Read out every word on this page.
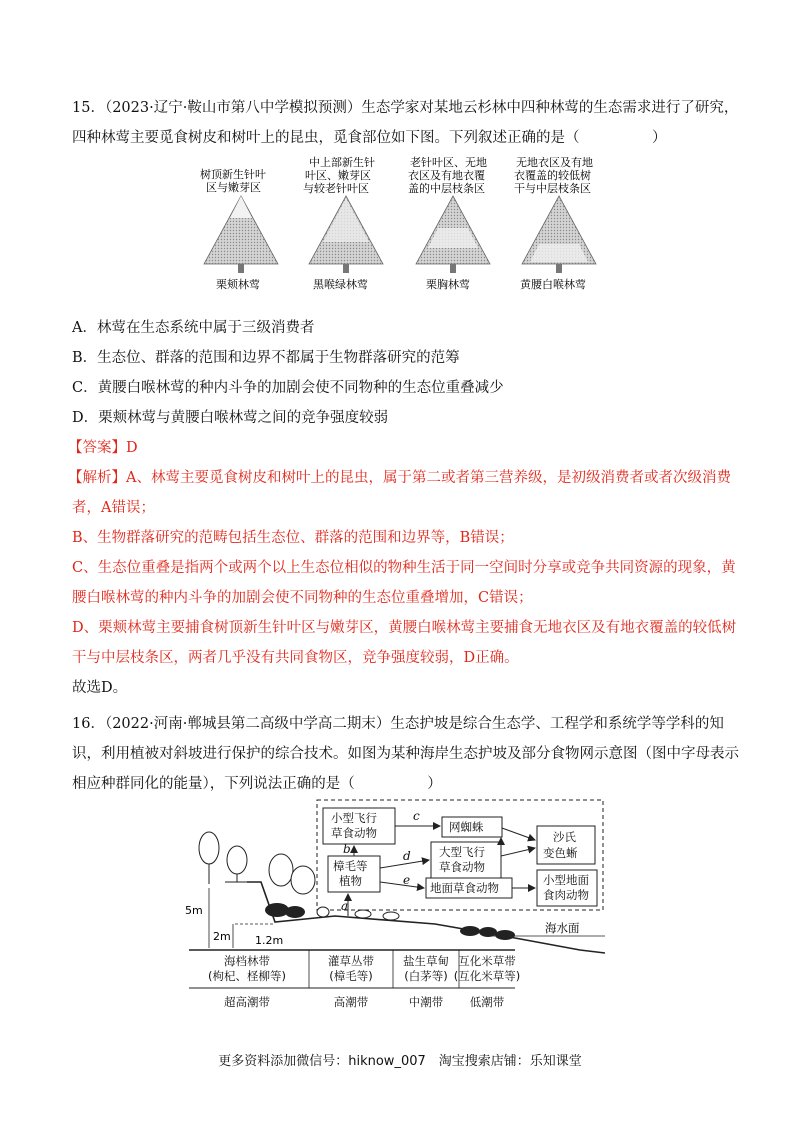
15．（2023·辽宁·鞍山市第八中学模拟预测）生态学家对某地云杉林中四种林莺的生态需求进行了研究，
四种林莺主要觅食树皮和树叶上的昆虫，觅食部位如下图。下列叙述正确的是（　　　　　）
树顶新生针叶
区与嫩芽区
栗颊林莺
中上部新生针
叶区、嫩芽区
与较老针叶区
黑喉绿林莺
老针叶区、无地
衣区及有地衣覆
盖的中层枝条区
栗胸林莺
无地衣区及有地
衣覆盖的较低树
干与中层枝条区
黄腰白喉林莺
A．林莺在生态系统中属于三级消费者
B．生态位、群落的范围和边界不都属于生物群落研究的范筹
C．黄腰白喉林莺的种内斗争的加剧会使不同物种的生态位重叠减少
D．栗颊林莺与黄腰白喉林莺之间的竞争强度较弱
【答案】D
【解析】A、林莺主要觅食树皮和树叶上的昆虫，属于第二或者第三营养级，是初级消费者或者次级消费
者，A错误；
B、生物群落研究的范畴包括生态位、群落的范围和边界等，B错误；
C、生态位重叠是指两个或两个以上生态位相似的物种生活于同一空间时分享或竞争共同资源的现象，黄
腰白喉林莺的种内斗争的加剧会使不同物种的生态位重叠增加，C错误；
D、栗颊林莺主要捕食树顶新生针叶区与嫩芽区，黄腰白喉林莺主要捕食无地衣区及有地衣覆盖的较低树
干与中层枝条区，两者几乎没有共同食物区，竞争强度较弱，D正确。
故选D。
16．（2022·河南·郸城县第二高级中学高二期末）生态护坡是综合生态学、工程学和系统学等学科的知
识，利用植被对斜坡进行保护的综合技术。如图为某种海岸生态护坡及部分食物网示意图（图中字母表示
相应种群同化的能量），下列说法正确的是（　　　　　）
小型飞行
草食动物	网蜘蛛
沙氏
变色蜥
樟毛等
植物
大型飞行
草食动物
地面草食动物
小型地面
食肉动物
c
b	d
e
a
海水面
5m
2m 1.2m
海档林带
(枸杞、柽柳等)
灌草丛带
(樟毛等)
盐生草甸
(白茅等)
互化米草带
(互化米草等)
超高潮带	高潮带	中潮带 低潮带
更多资料添加微信号：hiknow_007　淘宝搜索店铺：乐知课堂
